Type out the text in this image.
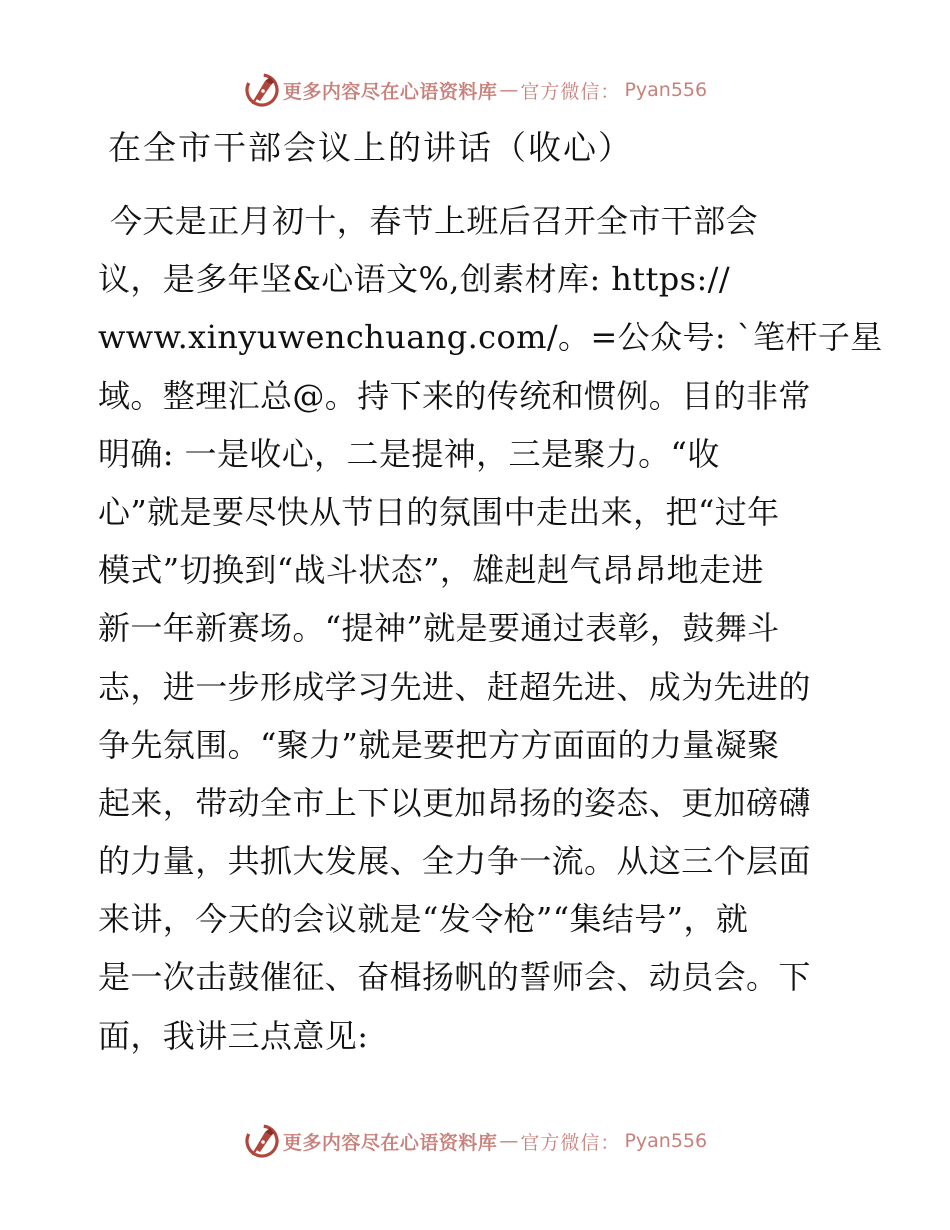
更多内容尽在心语资料库 — 官方微信： Pyan556
在全市干部会议上的讲话（收心）
今天是正月初十，春节上班后召开全市干部会
议，是多年坚&心语文%,创素材库: https://
www.xinyuwenchuang.com/。=公众号: `笔杆子星
域。整理汇总@。持下来的传统和惯例。目的非常
明确: 一是收心，二是提神，三是聚力。“收
心”就是要尽快从节日的氛围中走出来，把“过年
模式”切换到“战斗状态”，雄赳赳气昂昂地走进
新一年新赛场。“提神”就是要通过表彰，鼓舞斗
志，进一步形成学习先进、赶超先进、成为先进的
争先氛围。“聚力”就是要把方方面面的力量凝聚
起来，带动全市上下以更加昂扬的姿态、更加磅礴
的力量，共抓大发展、全力争一流。从这三个层面
来讲，今天的会议就是“发令枪”“集结号”，就
是一次击鼓催征、奋楫扬帆的誓师会、动员会。下
面，我讲三点意见:
更多内容尽在心语资料库 — 官方微信： Pyan556
